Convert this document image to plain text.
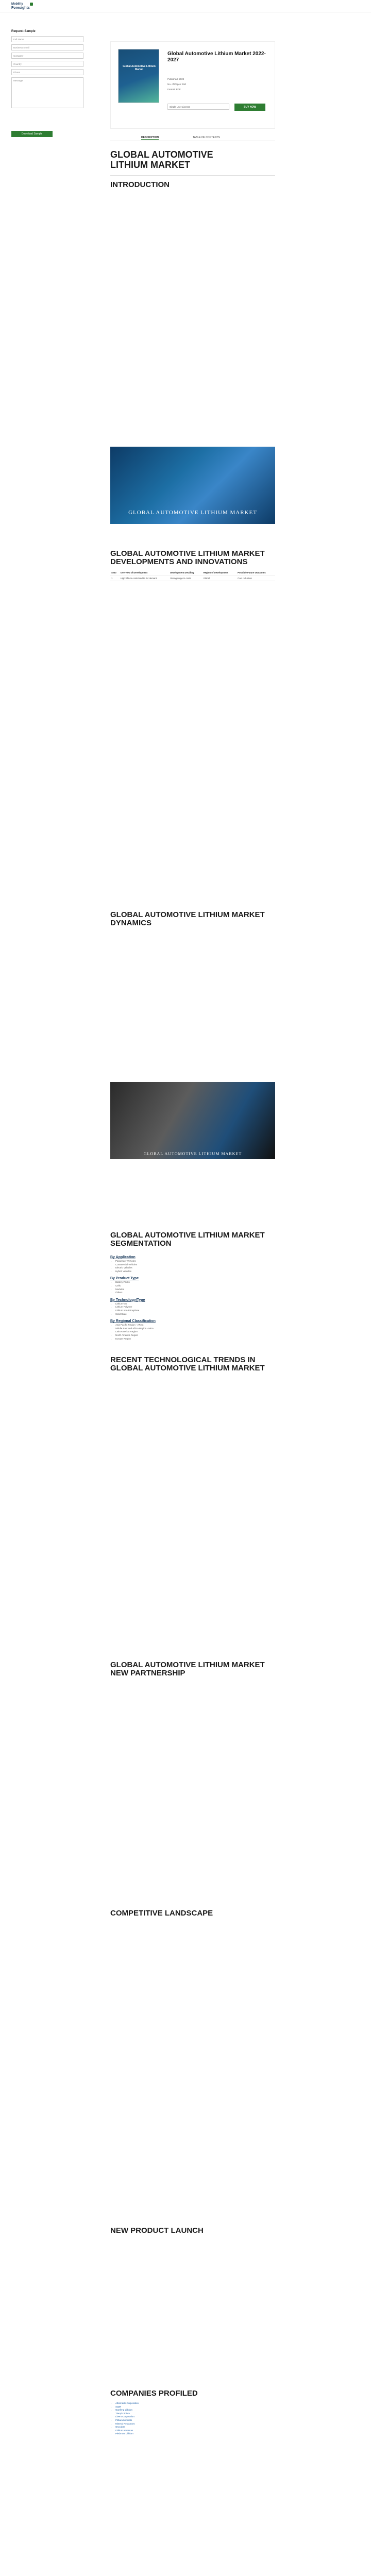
Mobility
Foresights
Request Sample
Full Name
Business Email
Company
Country
Phone
Message
Download Sample
Global Automotive Lithium Market
Global Automotive Lithium Market 2022-2027
Published: 2022
No. of Pages: 150
Format: PDF
Single User License	BUY NOW
DESCRIPTION	TABLE OF CONTENTS
GLOBAL AUTOMOTIVE LITHIUM MARKET
INTRODUCTION
GLOBAL AUTOMOTIVE LITHIUM MARKET
GLOBAL AUTOMOTIVE LITHIUM MARKET DEVELOPMENTS AND INNOVATIONS
S No	Overview of Development	Development Detailing	Region of Development	Possible Future Outcomes
1	High lithium costs lead to EV demand	Strong surge in costs	Global	Cost reduction
GLOBAL AUTOMOTIVE LITHIUM MARKET DYNAMICS
GLOBAL AUTOMOTIVE LITHIUM MARKET
GLOBAL AUTOMOTIVE LITHIUM MARKET SEGMENTATION
By Application
• Passenger Vehicles
• Commercial Vehicles
• Electric Vehicles
• Hybrid Vehicles
By Product Type
• Battery Packs
• Cells
• Modules
• Others
By Technology/Type
• Lithium-ion
• Lithium Polymer
• Lithium Iron Phosphate
• Solid State
By Regional Classification
• Asia Pacific Region - APAC
• Middle East and Africa Region - MEA
• Latin America Region
• North America Region
• Europe Region
RECENT TECHNOLOGICAL TRENDS IN GLOBAL AUTOMOTIVE LITHIUM MARKET
GLOBAL AUTOMOTIVE LITHIUM MARKET NEW PARTNERSHIP
COMPETITIVE LANDSCAPE
NEW PRODUCT LAUNCH
COMPANIES PROFILED
• Albemarle Corporation
• SQM
• Ganfeng Lithium
• Tianqi Lithium
• Livent Corporation
• Pilbara Minerals
• Mineral Resources
• Orocobre
• Lithium Americas
• Piedmont Lithium
